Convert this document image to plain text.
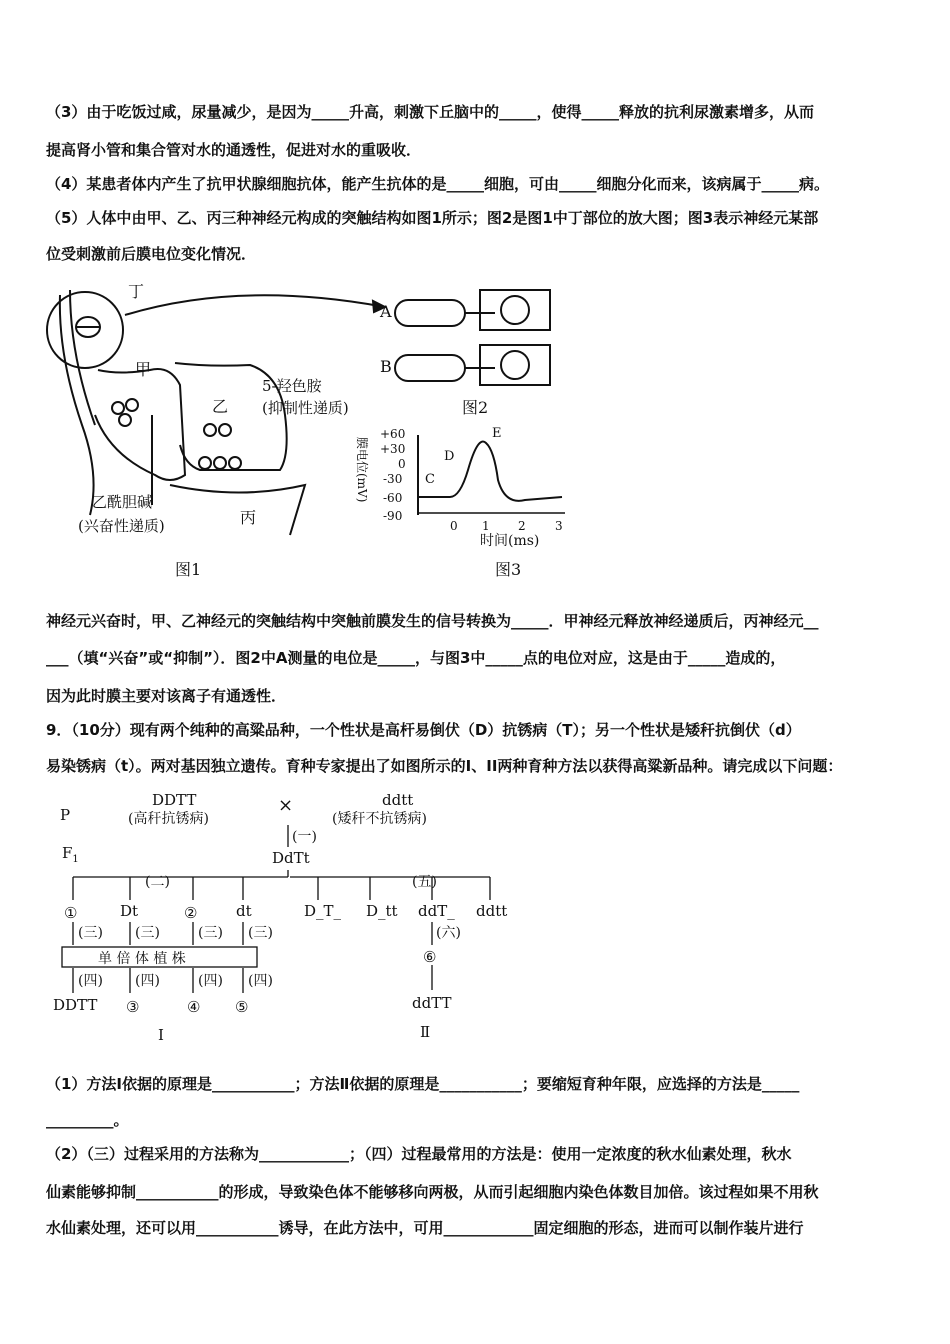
（3）由于吃饭过咸，尿量减少，是因为_____升高，刺激下丘脑中的_____，使得_____释放的抗利尿激素增多，从而
提高肾小管和集合管对水的通透性，促进对水的重吸收．
（4）某患者体内产生了抗甲状腺细胞抗体，能产生抗体的是_____细胞，可由_____细胞分化而来，该病属于_____病。
（5）人体中由甲、乙、丙三种神经元构成的突触结构如图1所示；图2是图1中丁部位的放大图；图3表示神经元某部
位受刺激前后膜电位变化情况．
丁
甲
乙
丙
5-羟色胺
(抑制性递质)
乙酰胆碱
(兴奋性递质)
图1
A
B
图2
图3
膜电位(mV)
时间(ms)
+60
+30
0
-30
-60
-90
0 1 2 3
C
D
E
神经元兴奋时，甲、乙神经元的突触结构中突触前膜发生的信号转换为_____．甲神经元释放神经递质后，丙神经元__
___（填“兴奋”或“抑制”）．图2中A测量的电位是_____，与图3中_____点的电位对应，这是由于_____造成的，
因为此时膜主要对该离子有通透性．
9．（10分）现有两个纯种的高粱品种，一个性状是高杆易倒伏（D）抗锈病（T）；另一个性状是矮秆抗倒伏（d）
易染锈病（t）。两对基因独立遗传。育种专家提出了如图所示的I、II两种育种方法以获得高粱新品种。请完成以下问题：
P
$F_1$
DDTT
(高秆抗锈病)
×	ddtt
(矮秆不抗锈病)
(一)
DdTt
(二)	(五)
①	Dt	②	dt
(三) (三)	(三) (三)
单 倍 体 植 株
(四) (四)	(四) (四)
DDTT ③	④ ⑤
D_T_ D_tt ddT_ ddtt
(六)
⑥
ddTT
I	Ⅱ
（1）方法Ⅰ依据的原理是___________；方法Ⅱ依据的原理是___________；要缩短育种年限，应选择的方法是_____
_________。
（2）（三）过程采用的方法称为____________；（四）过程最常用的方法是：使用一定浓度的秋水仙素处理，秋水
仙素能够抑制___________的形成，导致染色体不能够移向两极，从而引起细胞内染色体数目加倍。该过程如果不用秋
水仙素处理，还可以用___________诱导，在此方法中，可用____________固定细胞的形态，进而可以制作装片进行
